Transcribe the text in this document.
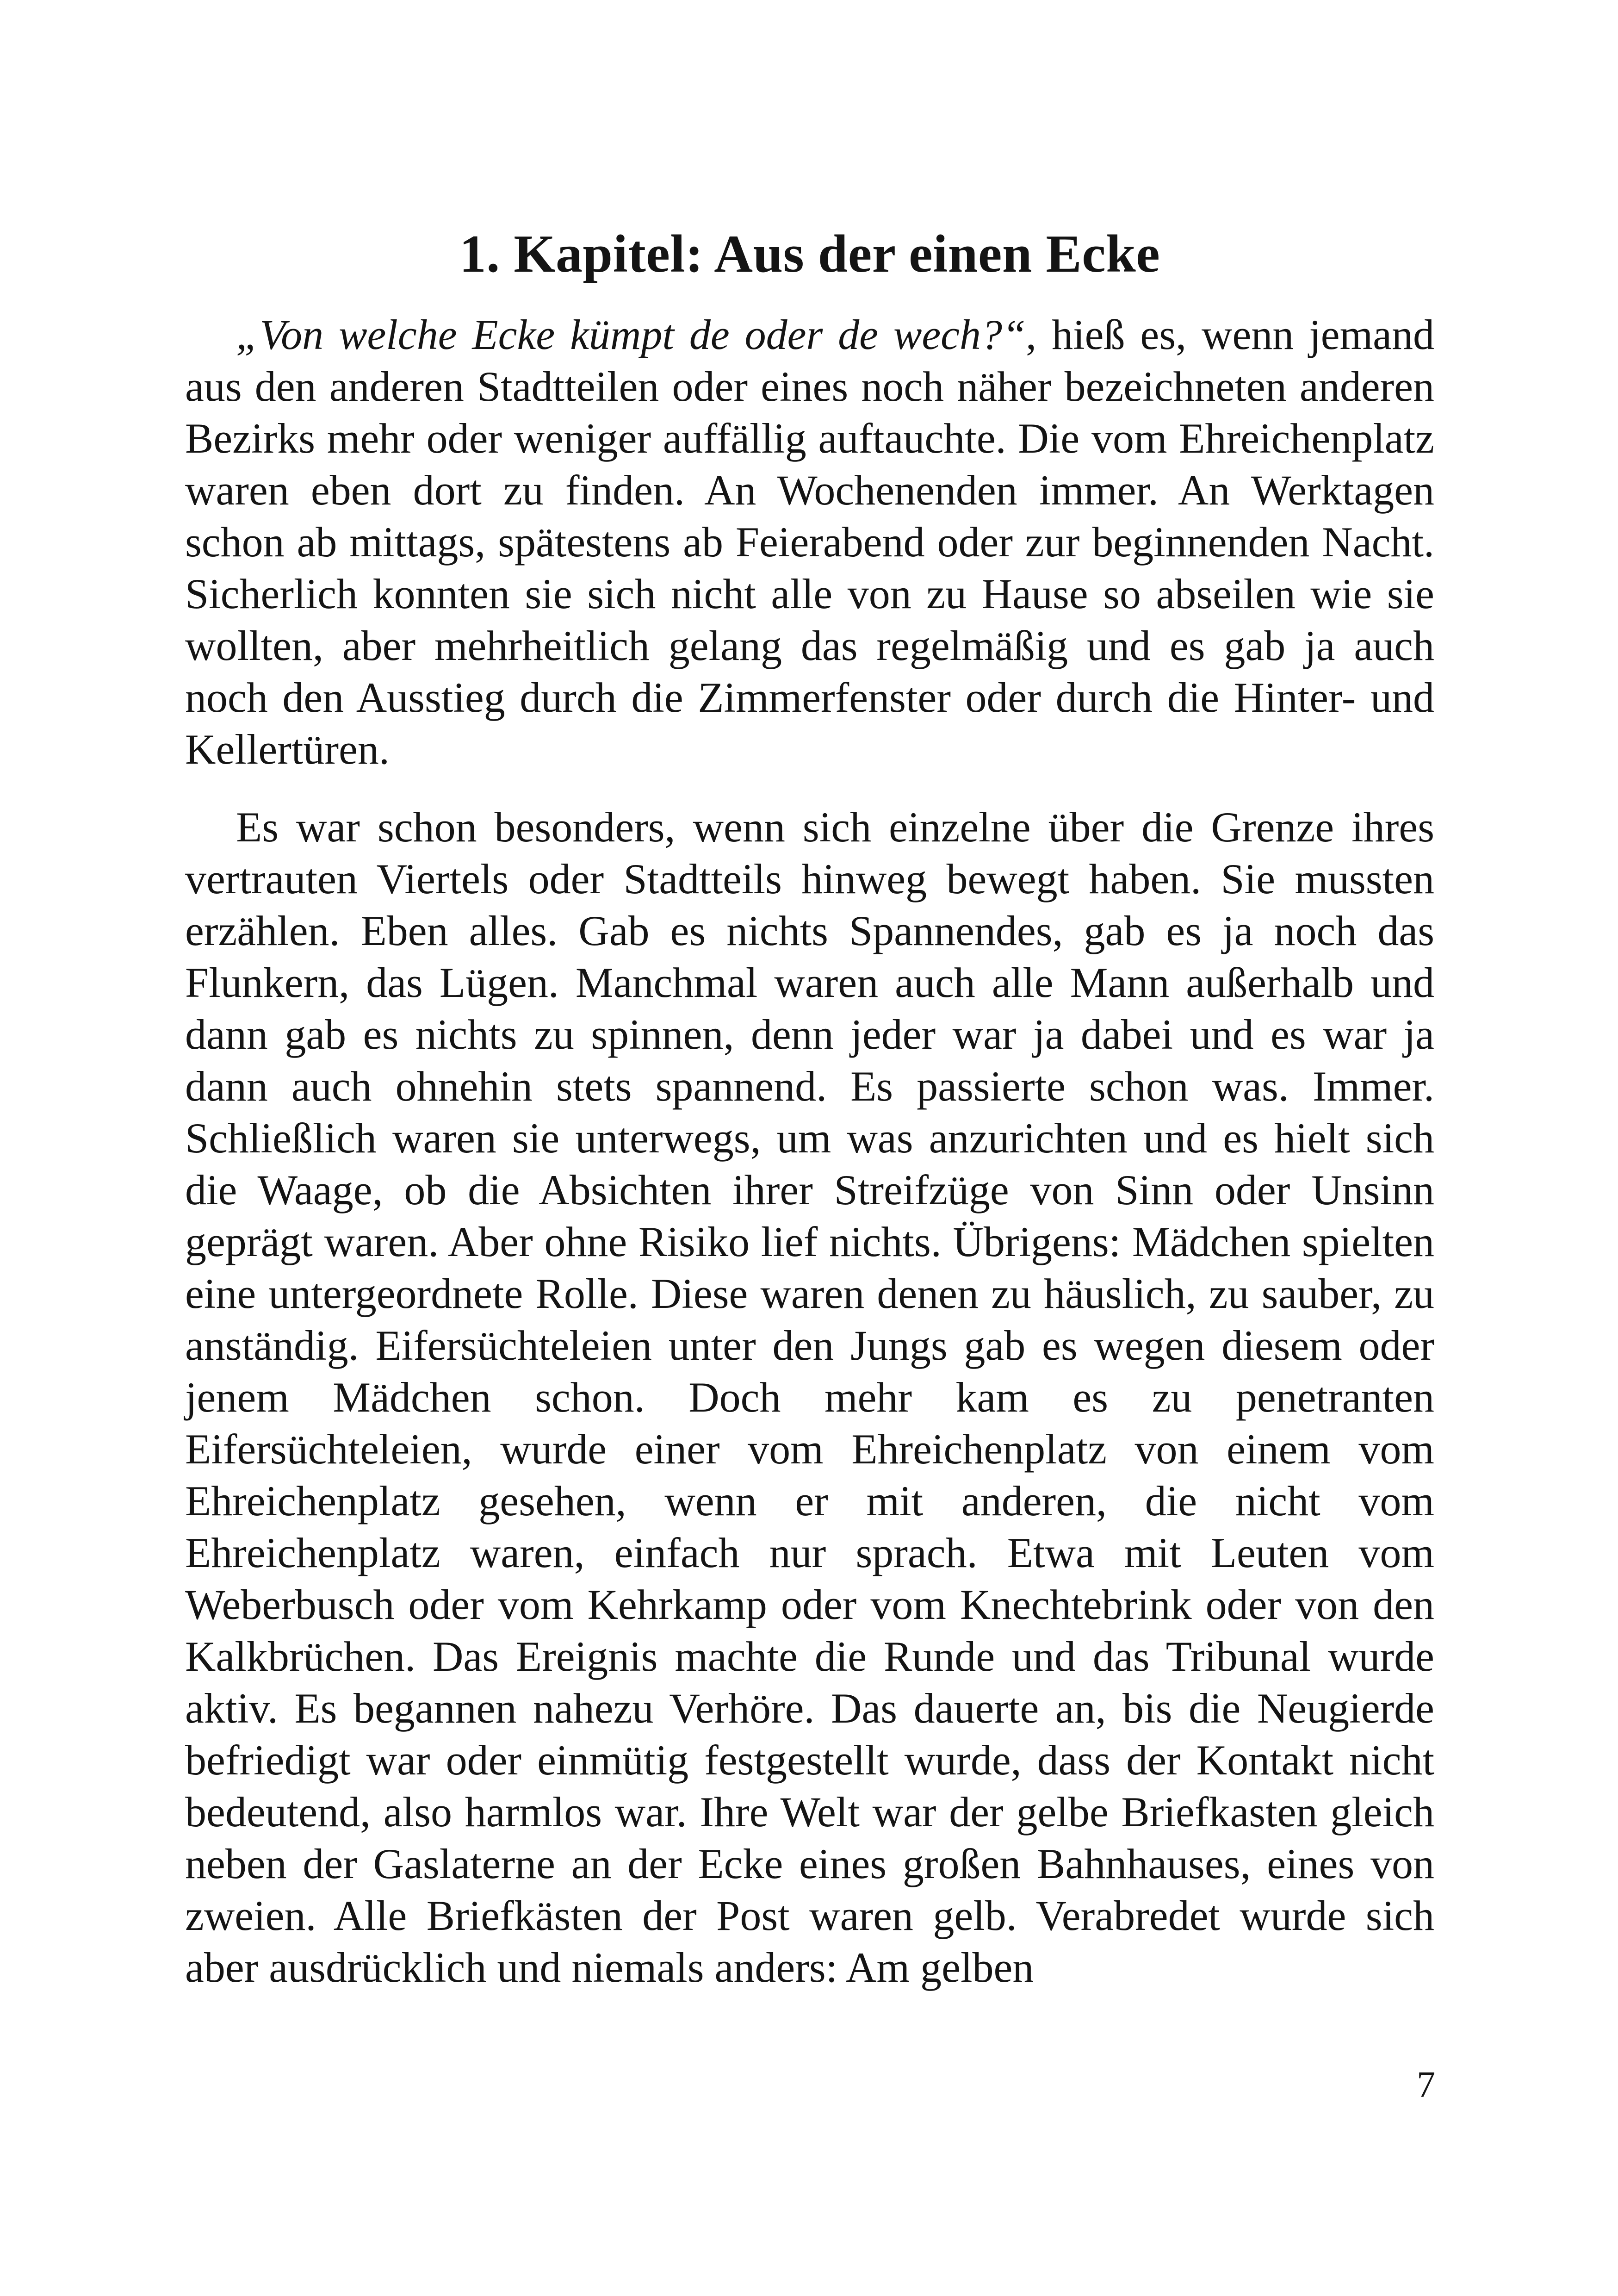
1. Kapitel: Aus der einen Ecke

„Von welche Ecke kümpt de oder de wech?“, hieß es, wenn jemand aus den anderen Stadtteilen oder eines noch näher bezeichneten anderen Bezirks mehr oder weniger auffällig auftauchte. Die vom Ehreichenplatz waren eben dort zu finden. An Wochenenden immer. An Werktagen schon ab mittags, spätestens ab Feierabend oder zur beginnenden Nacht. Sicherlich konnten sie sich nicht alle von zu Hause so abseilen wie sie wollten, aber mehrheitlich gelang das regelmäßig und es gab ja auch noch den Ausstieg durch die Zimmerfenster oder durch die Hinter- und Kellertüren.

Es war schon besonders, wenn sich einzelne über die Grenze ihres vertrauten Viertels oder Stadtteils hinweg bewegt haben. Sie mussten erzählen. Eben alles. Gab es nichts Spannendes, gab es ja noch das Flunkern, das Lügen. Manchmal waren auch alle Mann außerhalb und dann gab es nichts zu spinnen, denn jeder war ja dabei und es war ja dann auch ohnehin stets spannend. Es passierte schon was. Immer. Schließlich waren sie unterwegs, um was anzurichten und es hielt sich die Waage, ob die Absichten ihrer Streifzüge von Sinn oder Unsinn geprägt waren. Aber ohne Risiko lief nichts. Übrigens: Mädchen spielten eine untergeordnete Rolle. Diese waren denen zu häuslich, zu sauber, zu anständig. Eifersüchteleien unter den Jungs gab es wegen diesem oder jenem Mädchen schon. Doch mehr kam es zu penetranten Eifersüchteleien, wurde einer vom Ehreichenplatz von einem vom Ehreichenplatz gesehen, wenn er mit anderen, die nicht vom Ehreichenplatz waren, einfach nur sprach. Etwa mit Leuten vom Weberbusch oder vom Kehrkamp oder vom Knechtebrink oder von den Kalkbrüchen. Das Ereignis machte die Runde und das Tribunal wurde aktiv. Es begannen nahezu Verhöre. Das dauerte an, bis die Neugierde befriedigt war oder einmütig festgestellt wurde, dass der Kontakt nicht bedeutend, also harmlos war. Ihre Welt war der gelbe Briefkasten gleich neben der Gaslaterne an der Ecke eines großen Bahnhauses, eines von zweien. Alle Briefkästen der Post waren gelb. Verabredet wurde sich aber ausdrücklich und niemals anders: Am gelben

7
